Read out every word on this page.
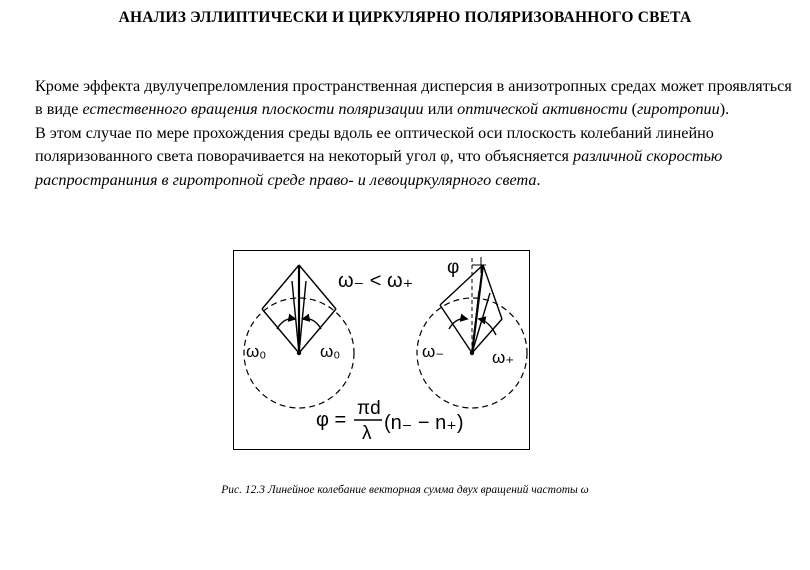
АНАЛИЗ ЭЛЛИПТИЧЕСКИ И ЦИРКУЛЯРНО ПОЛЯРИЗОВАННОГО СВЕТА

Кроме эффекта двулучепреломления пространственная дисперсия в анизотропных средах может проявляться в виде естественного вращения плоскости поляризации или оптической активности (гиротропии).

В этом случае по мере прохождения среды вдоль ее оптической оси плоскость колебаний линейно поляризованного света поворачивается на некоторый угол φ, что объясняется различной скоростью распространиния в гиротропной среде право- и левоциркулярного света.

ω₀	ω₀
ω₋ < ω₊
φ
ω₋	ω₊
φ =
πd
λ (n₋ − n₊)
Рис. 12.3 Линейное колебание векторная сумма двух вращений частоты ω
